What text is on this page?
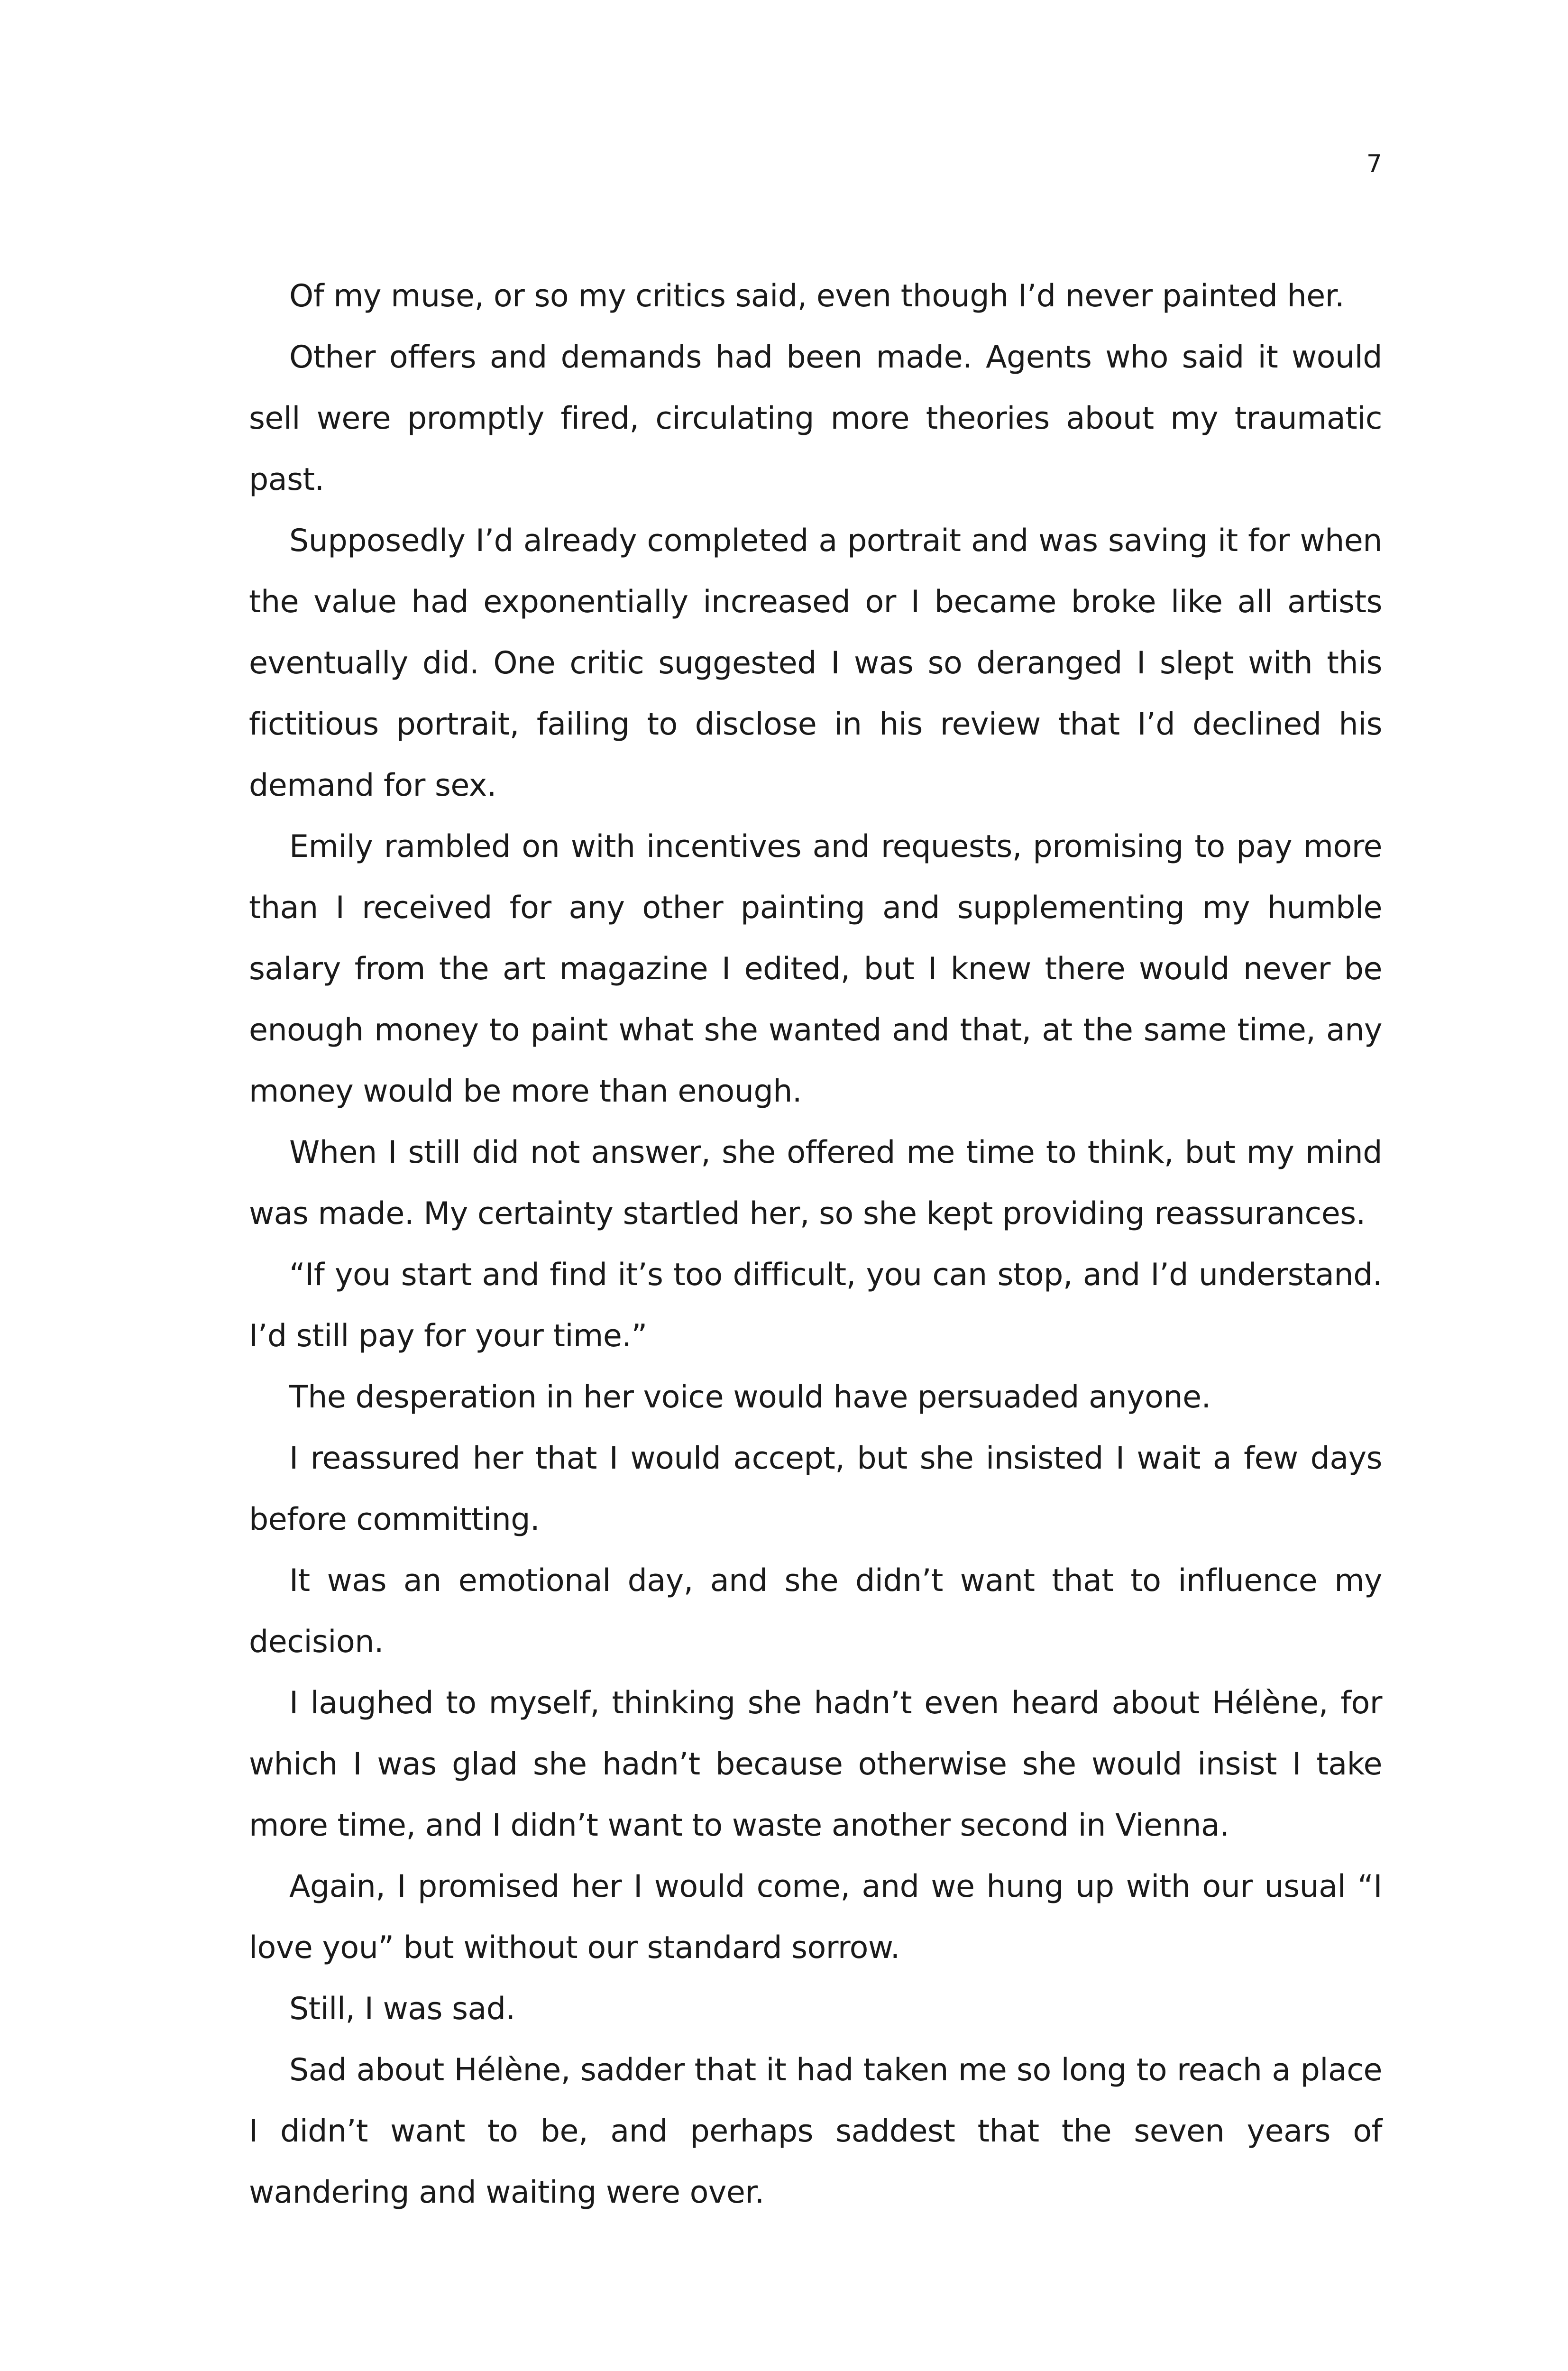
7

Of my muse, or so my critics said, even though I’d never painted her.

Other offers and demands had been made. Agents who said it would sell were promptly fired, circulating more theories about my traumatic past.

Supposedly I’d already completed a portrait and was saving it for when the value had exponentially increased or I became broke like all artists eventually did. One critic suggested I was so deranged I slept with this fictitious portrait, failing to disclose in his review that I’d declined his demand for sex.

Emily rambled on with incentives and requests, promising to pay more than I received for any other painting and supplementing my humble salary from the art magazine I edited, but I knew there would never be enough money to paint what she wanted and that, at the same time, any money would be more than enough.

When I still did not answer, she offered me time to think, but my mind was made. My certainty startled her, so she kept providing reassurances.

“If you start and find it’s too difficult, you can stop, and I’d understand. I’d still pay for your time.”

The desperation in her voice would have persuaded anyone.

I reassured her that I would accept, but she insisted I wait a few days before committing.

It was an emotional day, and she didn’t want that to influence my decision.

I laughed to myself, thinking she hadn’t even heard about Hélène, for which I was glad she hadn’t because otherwise she would insist I take more time, and I didn’t want to waste another second in Vienna.

Again, I promised her I would come, and we hung up with our usual “I love you” but without our standard sorrow.

Still, I was sad.

Sad about Hélène, sadder that it had taken me so long to reach a place I didn’t want to be, and perhaps saddest that the seven years of wandering and waiting were over.
